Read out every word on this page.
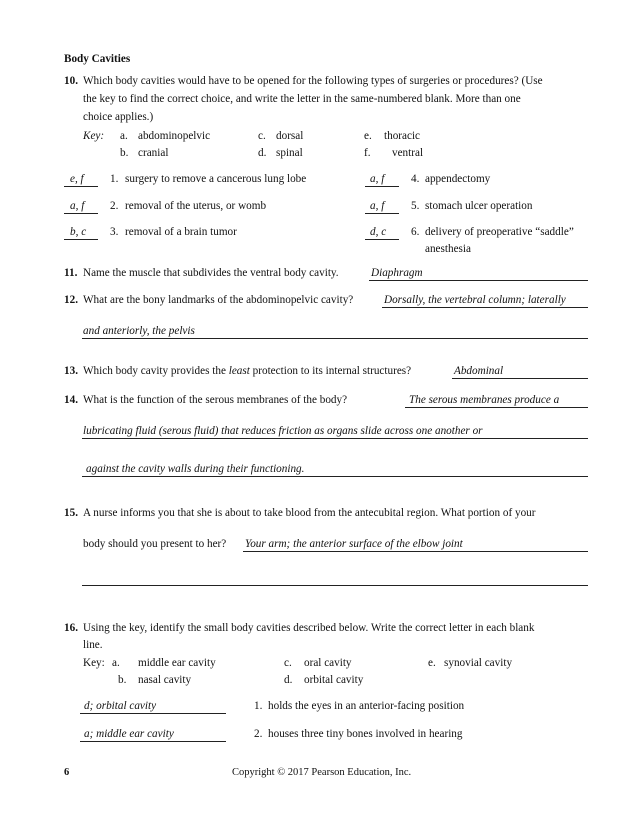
Body Cavities
10. Which body cavities would have to be opened for the following types of surgeries or procedures? (Use
the key to find the correct choice, and write the letter in the same-numbered blank. More than one
choice applies.)
Key: a. abdominopelvic
b. cranial
c. dorsal
d. spinal
e. thoracic
f. ventral
e, f 1. surgery to remove a cancerous lung lobe
a, f 2. removal of the uterus, or womb
b, c 3. removal of a brain tumor
a, f 4. appendectomy
a, f 5. stomach ulcer operation
d, c 6. delivery of preoperative “saddle”
anesthesia
11. Name the muscle that subdivides the ventral body cavity.	Diaphragm
12. What are the bony landmarks of the abdominopelvic cavity?	Dorsally, the vertebral column; laterally
and anteriorly, the pelvis
13. Which body cavity provides the least protection to its internal structures?	Abdominal
14. What is the function of the serous membranes of the body?	The serous membranes produce a
lubricating fluid (serous fluid) that reduces friction as organs slide across one another or
against the cavity walls during their functioning.
15. A nurse informs you that she is about to take blood from the antecubital region. What portion of your
body should you present to her? Your arm; the anterior surface of the elbow joint
16. Using the key, identify the small body cavities described below. Write the correct letter in each blank
line.
Key: a. middle ear cavity
b. nasal cavity
c. oral cavity
d. orbital cavity
e. synovial cavity
d; orbital cavity	1. holds the eyes in an anterior-facing position
a; middle ear cavity	2. houses three tiny bones involved in hearing
6	Copyright © 2017 Pearson Education, Inc.
